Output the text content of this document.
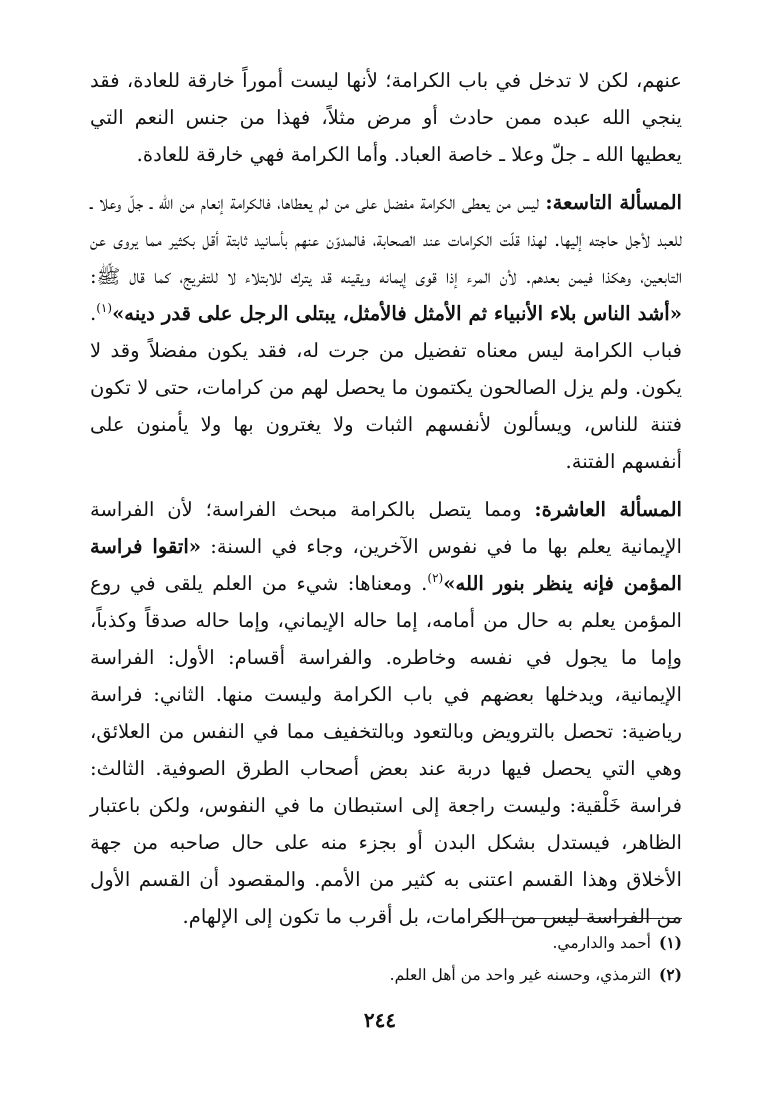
عنهم، لكن لا تدخل في باب الكرامة؛ لأنها ليست أموراً خارقة للعادة، فقد ينجي الله عبده ممن حادث أو مرض مثلاً، فهذا من جنس النعم التي يعطيها الله ـ جلّ وعلا ـ خاصة العباد. وأما الكرامة فهي خارقة للعادة.

المسألة التاسعة: ليس من يعطى الكرامة مفضل على من لم يعطاها، فالكرامة إنعام من الله ـ جلّ وعلا ـ للعبد لأجل حاجته إليها. لهذا قلّت الكرامات عند الصحابة، فالمدوّن عنهم بأسانيد ثابتة أقل بكثير مما يروى عن التابعين، وهكذا فيمن بعدهم. لأن المرء إذا قوى إيمانه ويقينه قد يترك للابتلاء لا للتفريج، كما قال ﷺ: «أشد الناس بلاء الأنبياء ثم الأمثل فالأمثل، يبتلى الرجل على قدر دينه»$^{(١)}$. فباب الكرامة ليس معناه تفضيل من جرت له، فقد يكون مفضلاً وقد لا يكون. ولم يزل الصالحون يكتمون ما يحصل لهم من كرامات، حتى لا تكون فتنة للناس، ويسألون لأنفسهم الثبات ولا يغترون بها ولا يأمنون على أنفسهم الفتنة.

المسألة العاشرة: ومما يتصل بالكرامة مبحث الفراسة؛ لأن الفراسة الإيمانية يعلم بها ما في نفوس الآخرين، وجاء في السنة: «اتقوا فراسة المؤمن فإنه ينظر بنور الله»$^{(٢)}$. ومعناها: شيء من العلم يلقى في روع المؤمن يعلم به حال من أمامه، إما حاله الإيماني، وإما حاله صدقاً وكذباً، وإما ما يجول في نفسه وخاطره. والفراسة أقسام: الأول: الفراسة الإيمانية، ويدخلها بعضهم في باب الكرامة وليست منها. الثاني: فراسة رياضية: تحصل بالترويض وبالتعود وبالتخفيف مما في النفس من العلائق، وهي التي يحصل فيها دربة عند بعض أصحاب الطرق الصوفية. الثالث: فراسة خَلْقية: وليست راجعة إلى استبطان ما في النفوس، ولكن باعتبار الظاهر، فيستدل بشكل البدن أو بجزء منه على حال صاحبه من جهة الأخلاق وهذا القسم اعتنى به كثير من الأمم. والمقصود أن القسم الأول من الفراسة ليس من الكرامات، بل أقرب ما تكون إلى الإلهام.

(١)أحمد والدارمي.

(٢)الترمذي، وحسنه غير واحد من أهل العلم.

٢٤٤
